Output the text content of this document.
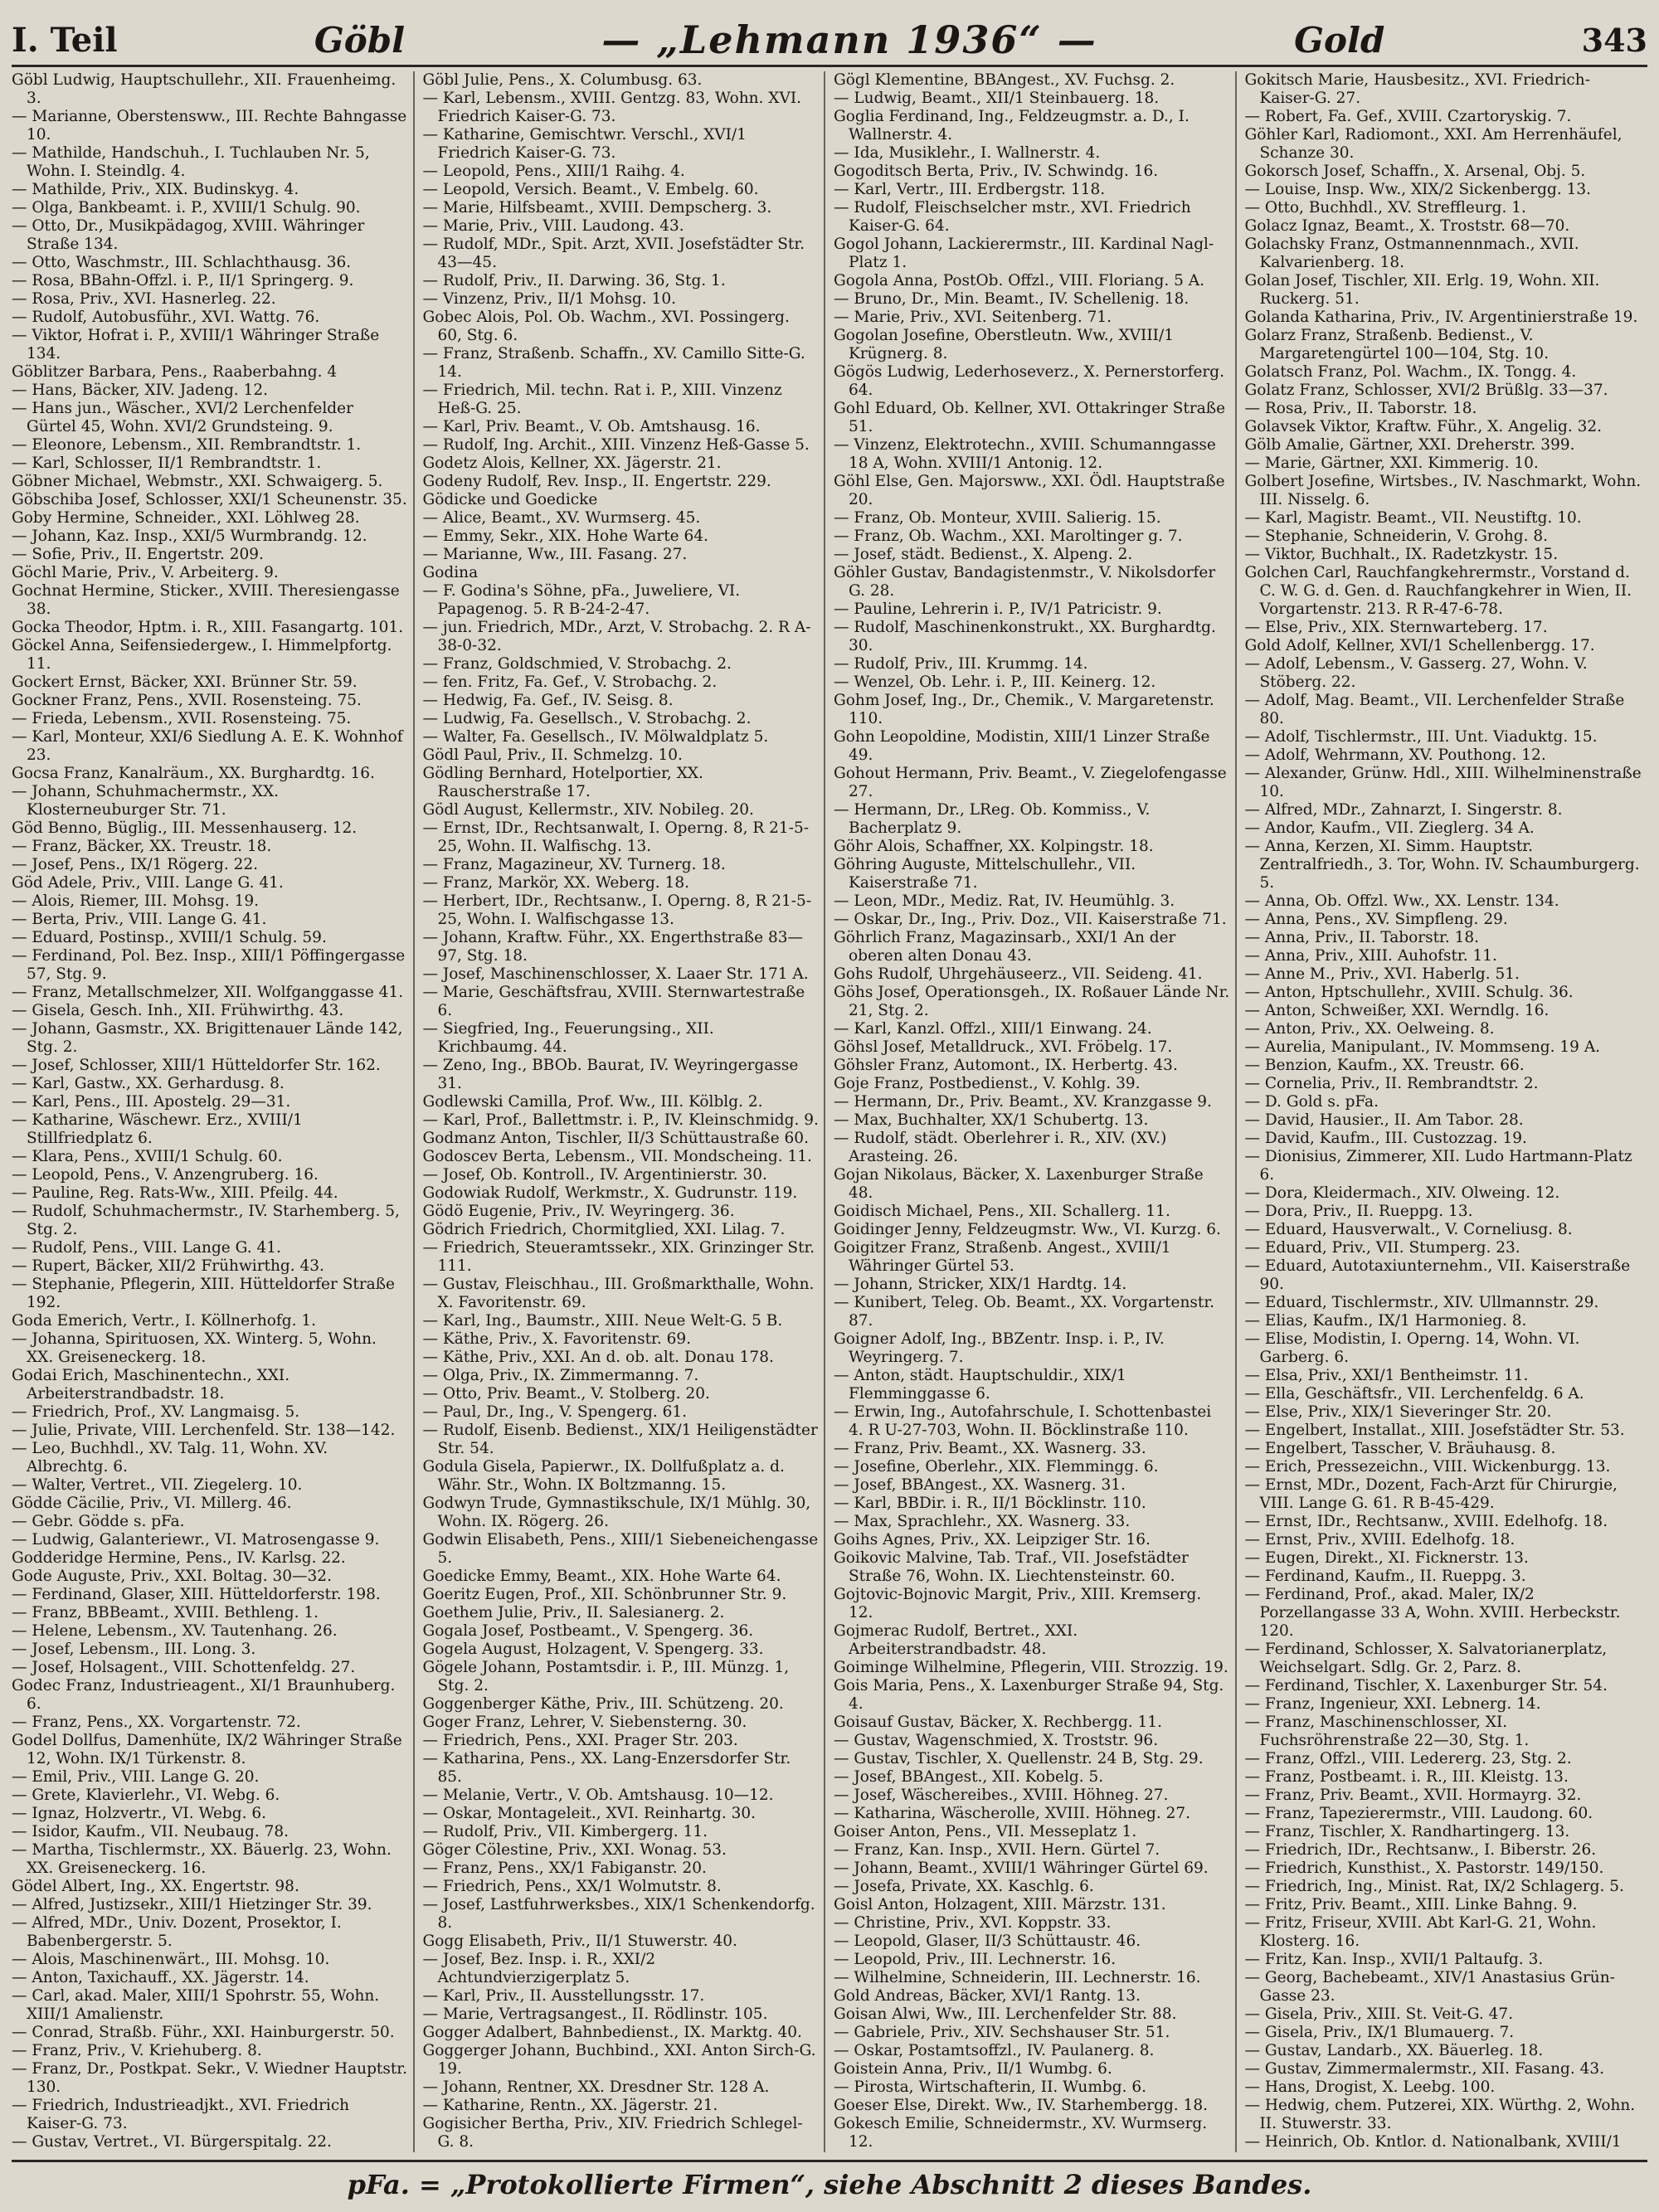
I. Teil	Göbl	— „Lehmann 1936“ —	Gold	343

Göbl Ludwig, Hauptschullehr., XII. Frauenheimg. 3.

— Marianne, Oberstensww., III. Rechte Bahngasse 10.

— Mathilde, Handschuh., I. Tuchlauben Nr. 5, Wohn. I. Steindlg. 4.

— Mathilde, Priv., XIX. Budinskyg. 4.

— Olga, Bankbeamt. i. P., XVIII/1 Schulg. 90.

— Otto, Dr., Musikpädagog, XVIII. Währinger Straße 134.

— Otto, Waschmstr., III. Schlachthausg. 36.

— Rosa, BBahn-Offzl. i. P., II/1 Springerg. 9.

— Rosa, Priv., XVI. Hasnerleg. 22.

— Rudolf, Autobusführ., XVI. Wattg. 76.

— Viktor, Hofrat i. P., XVIII/1 Währinger Straße 134.

Göblitzer Barbara, Pens., Raaberbahng. 4

— Hans, Bäcker, XIV. Jadeng. 12.

— Hans jun., Wäscher., XVI/2 Lerchenfelder Gürtel 45, Wohn. XVI/2 Grundsteing. 9.

— Eleonore, Lebensm., XII. Rembrandtstr. 1.

— Karl, Schlosser, II/1 Rembrandtstr. 1.

Göbner Michael, Webmstr., XXI. Schwaigerg. 5.

Göbschiba Josef, Schlosser, XXI/1 Scheunenstr. 35.

Goby Hermine, Schneider., XXI. Löhlweg 28.

— Johann, Kaz. Insp., XXI/5 Wurmbrandg. 12.

— Sofie, Priv., II. Engertstr. 209.

Göchl Marie, Priv., V. Arbeiterg. 9.

Gochnat Hermine, Sticker., XVIII. Theresiengasse 38.

Gocka Theodor, Hptm. i. R., XIII. Fasangartg. 101.

Göckel Anna, Seifensiedergew., I. Himmelpfortg. 11.

Gockert Ernst, Bäcker, XXI. Brünner Str. 59.

Gockner Franz, Pens., XVII. Rosensteing. 75.

— Frieda, Lebensm., XVII. Rosensteing. 75.

— Karl, Monteur, XXI/6 Siedlung A. E. K. Wohnhof 23.

Gocsa Franz, Kanalräum., XX. Burghardtg. 16.

— Johann, Schuhmachermstr., XX. Klosterneuburger Str. 71.

Göd Benno, Büglig., III. Messenhauserg. 12.

— Franz, Bäcker, XX. Treustr. 18.

— Josef, Pens., IX/1 Rögerg. 22.

Göd Adele, Priv., VIII. Lange G. 41.

— Alois, Riemer, III. Mohsg. 19.

— Berta, Priv., VIII. Lange G. 41.

— Eduard, Postinsp., XVIII/1 Schulg. 59.

— Ferdinand, Pol. Bez. Insp., XIII/1 Pöffingergasse 57, Stg. 9.

— Franz, Metallschmelzer, XII. Wolfganggasse 41.

— Gisela, Gesch. Inh., XII. Frühwirthg. 43.

— Johann, Gasmstr., XX. Brigittenauer Lände 142, Stg. 2.

— Josef, Schlosser, XIII/1 Hütteldorfer Str. 162.

— Karl, Gastw., XX. Gerhardusg. 8.

— Karl, Pens., III. Apostelg. 29—31.

— Katharine, Wäschewr. Erz., XVIII/1 Stillfriedplatz 6.

— Klara, Pens., XVIII/1 Schulg. 60.

— Leopold, Pens., V. Anzengruberg. 16.

— Pauline, Reg. Rats-Ww., XIII. Pfeilg. 44.

— Rudolf, Schuhmachermstr., IV. Starhemberg. 5, Stg. 2.

— Rudolf, Pens., VIII. Lange G. 41.

— Rupert, Bäcker, XII/2 Frühwirthg. 43.

— Stephanie, Pflegerin, XIII. Hütteldorfer Straße 192.

Goda Emerich, Vertr., I. Köllnerhofg. 1.

— Johanna, Spirituosen, XX. Winterg. 5, Wohn. XX. Greiseneckerg. 18.

Godai Erich, Maschinentechn., XXI. Arbeiterstrandbadstr. 18.

— Friedrich, Prof., XV. Langmaisg. 5.

— Julie, Private, VIII. Lerchenfeld. Str. 138—142.

— Leo, Buchhdl., XV. Talg. 11, Wohn. XV. Albrechtg. 6.

— Walter, Vertret., VII. Ziegelerg. 10.

Gödde Cäcilie, Priv., VI. Millerg. 46.

— Gebr. Gödde s. pFa.

— Ludwig, Galanteriewr., VI. Matrosengasse 9.

Godderidge Hermine, Pens., IV. Karlsg. 22.

Gode Auguste, Priv., XXI. Boltag. 30—32.

— Ferdinand, Glaser, XIII. Hütteldorferstr. 198.

— Franz, BBBeamt., XVIII. Bethleng. 1.

— Helene, Lebensm., XV. Tautenhang. 26.

— Josef, Lebensm., III. Long. 3.

— Josef, Holsagent., VIII. Schottenfeldg. 27.

Godec Franz, Industrieagent., XI/1 Braunhuberg. 6.

— Franz, Pens., XX. Vorgartenstr. 72.

Godel Dollfus, Damenhüte, IX/2 Währinger Straße 12, Wohn. IX/1 Türkenstr. 8.

— Emil, Priv., VIII. Lange G. 20.

— Grete, Klavierlehr., VI. Webg. 6.

— Ignaz, Holzvertr., VI. Webg. 6.

— Isidor, Kaufm., VII. Neubaug. 78.

— Martha, Tischlermstr., XX. Bäuerlg. 23, Wohn. XX. Greiseneckerg. 16.

Gödel Albert, Ing., XX. Engertstr. 98.

— Alfred, Justizsekr., XIII/1 Hietzinger Str. 39.

— Alfred, MDr., Univ. Dozent, Prosektor, I. Babenbergerstr. 5.

— Alois, Maschinenwärt., III. Mohsg. 10.

— Anton, Taxichauff., XX. Jägerstr. 14.

— Carl, akad. Maler, XIII/1 Spohrstr. 55, Wohn. XIII/1 Amalienstr.

— Conrad, Straßb. Führ., XXI. Hainburgerstr. 50.

— Franz, Priv., V. Kriehuberg. 8.

— Franz, Dr., Postkpat. Sekr., V. Wiedner Hauptstr. 130.

— Friedrich, Industrieadjkt., XVI. Friedrich Kaiser-G. 73.

— Gustav, Vertret., VI. Bürgerspitalg. 22.

Göbl Julie, Pens., X. Columbusg. 63.

— Karl, Lebensm., XVIII. Gentzg. 83, Wohn. XVI. Friedrich Kaiser-G. 73.

— Katharine, Gemischtwr. Verschl., XVI/1 Friedrich Kaiser-G. 73.

— Leopold, Pens., XIII/1 Raihg. 4.

— Leopold, Versich. Beamt., V. Embelg. 60.

— Marie, Hilfsbeamt., XVIII. Dempscherg. 3.

— Marie, Priv., VIII. Laudong. 43.

— Rudolf, MDr., Spit. Arzt, XVII. Josefstädter Str. 43—45.

— Rudolf, Priv., II. Darwing. 36, Stg. 1.

— Vinzenz, Priv., II/1 Mohsg. 10.

Gobec Alois, Pol. Ob. Wachm., XVI. Possingerg. 60, Stg. 6.

— Franz, Straßenb. Schaffn., XV. Camillo Sitte-G. 14.

— Friedrich, Mil. techn. Rat i. P., XIII. Vinzenz Heß-G. 25.

— Karl, Priv. Beamt., V. Ob. Amtshausg. 16.

— Rudolf, Ing. Archit., XIII. Vinzenz Heß-Gasse 5.

Godetz Alois, Kellner, XX. Jägerstr. 21.

Godeny Rudolf, Rev. Insp., II. Engertstr. 229.

Gödicke und Goedicke

— Alice, Beamt., XV. Wurmserg. 45.

— Emmy, Sekr., XIX. Hohe Warte 64.

— Marianne, Ww., III. Fasang. 27.

Godina

— F. Godina's Söhne, pFa., Juweliere, VI. Papagenog. 5. R B-24-2-47.

— jun. Friedrich, MDr., Arzt, V. Strobachg. 2. R A-38-0-32.

— Franz, Goldschmied, V. Strobachg. 2.

— fen. Fritz, Fa. Gef., V. Strobachg. 2.

— Hedwig, Fa. Gef., IV. Seisg. 8.

— Ludwig, Fa. Gesellsch., V. Strobachg. 2.

— Walter, Fa. Gesellsch., IV. Mölwaldplatz 5.

Gödl Paul, Priv., II. Schmelzg. 10.

Gödling Bernhard, Hotelportier, XX. Rauscherstraße 17.

Gödl August, Kellermstr., XIV. Nobileg. 20.

— Ernst, IDr., Rechtsanwalt, I. Operng. 8, R 21-5-25, Wohn. II. Walfischg. 13.

— Franz, Magazineur, XV. Turnerg. 18.

— Franz, Markör, XX. Weberg. 18.

— Herbert, IDr., Rechtsanw., I. Operng. 8, R 21-5-25, Wohn. I. Walfischgasse 13.

— Johann, Kraftw. Führ., XX. Engerthstraße 83—97, Stg. 18.

— Josef, Maschinenschlosser, X. Laaer Str. 171 A.

— Marie, Geschäftsfrau, XVIII. Sternwartestraße 6.

— Siegfried, Ing., Feuerungsing., XII. Krichbaumg. 44.

— Zeno, Ing., BBOb. Baurat, IV. Weyringergasse 31.

Godlewski Camilla, Prof. Ww., III. Kölblg. 2.

— Karl, Prof., Ballettmstr. i. P., IV. Kleinschmidg. 9.

Godmanz Anton, Tischler, II/3 Schüttaustraße 60.

Godoscev Berta, Lebensm., VII. Mondscheing. 11.

— Josef, Ob. Kontroll., IV. Argentinierstr. 30.

Godowiak Rudolf, Werkmstr., X. Gudrunstr. 119.

Gödö Eugenie, Priv., IV. Weyringerg. 36.

Gödrich Friedrich, Chormitglied, XXI. Lilag. 7.

— Friedrich, Steueramtssekr., XIX. Grinzinger Str. 111.

— Gustav, Fleischhau., III. Großmarkthalle, Wohn. X. Favoritenstr. 69.

— Karl, Ing., Baumstr., XIII. Neue Welt-G. 5 B.

— Käthe, Priv., X. Favoritenstr. 69.

— Käthe, Priv., XXI. An d. ob. alt. Donau 178.

— Olga, Priv., IX. Zimmermanng. 7.

— Otto, Priv. Beamt., V. Stolberg. 20.

— Paul, Dr., Ing., V. Spengerg. 61.

— Rudolf, Eisenb. Bedienst., XIX/1 Heiligenstädter Str. 54.

Godula Gisela, Papierwr., IX. Dollfußplatz a. d. Währ. Str., Wohn. IX Boltzmanng. 15.

Godwyn Trude, Gymnastikschule, IX/1 Mühlg. 30, Wohn. IX. Rögerg. 26.

Godwin Elisabeth, Pens., XIII/1 Siebeneichengasse 5.

Goedicke Emmy, Beamt., XIX. Hohe Warte 64.

Goeritz Eugen, Prof., XII. Schönbrunner Str. 9.

Goethem Julie, Priv., II. Salesianerg. 2.

Gogala Josef, Postbeamt., V. Spengerg. 36.

Gogela August, Holzagent, V. Spengerg. 33.

Gögele Johann, Postamtsdir. i. P., III. Münzg. 1, Stg. 2.

Goggenberger Käthe, Priv., III. Schützeng. 20.

Goger Franz, Lehrer, V. Siebensterng. 30.

— Friedrich, Pens., XXI. Prager Str. 203.

— Katharina, Pens., XX. Lang-Enzersdorfer Str. 85.

— Melanie, Vertr., V. Ob. Amtshausg. 10—12.

— Oskar, Montageleit., XVI. Reinhartg. 30.

— Rudolf, Priv., VII. Kimbergerg. 11.

Göger Cölestine, Priv., XXI. Wonag. 53.

— Franz, Pens., XX/1 Fabiganstr. 20.

— Friedrich, Pens., XX/1 Wolmutstr. 8.

— Josef, Lastfuhrwerksbes., XIX/1 Schenkendorfg. 8.

Gogg Elisabeth, Priv., II/1 Stuwerstr. 40.

— Josef, Bez. Insp. i. R., XXI/2 Achtundvierzigerplatz 5.

— Karl, Priv., II. Ausstellungsstr. 17.

— Marie, Vertragsangest., II. Rödlinstr. 105.

Gogger Adalbert, Bahnbedienst., IX. Marktg. 40.

Goggerger Johann, Buchbind., XXI. Anton Sirch-G. 19.

— Johann, Rentner, XX. Dresdner Str. 128 A.

— Katharine, Rentn., XX. Jägerstr. 21.

Gogisicher Bertha, Priv., XIV. Friedrich Schlegel-G. 8.

Gögl Klementine, BBAngest., XV. Fuchsg. 2.

— Ludwig, Beamt., XII/1 Steinbauerg. 18.

Goglia Ferdinand, Ing., Feldzeugmstr. a. D., I. Wallnerstr. 4.

— Ida, Musiklehr., I. Wallnerstr. 4.

Gogoditsch Berta, Priv., IV. Schwindg. 16.

— Karl, Vertr., III. Erdbergstr. 118.

— Rudolf, Fleischselcher mstr., XVI. Friedrich Kaiser-G. 64.

Gogol Johann, Lackierermstr., III. Kardinal Nagl-Platz 1.

Gogola Anna, PostOb. Offzl., VIII. Floriang. 5 A.

— Bruno, Dr., Min. Beamt., IV. Schellenig. 18.

— Marie, Priv., XVI. Seitenberg. 71.

Gogolan Josefine, Oberstleutn. Ww., XVIII/1 Krügnerg. 8.

Gögös Ludwig, Lederhoseverz., X. Pernerstorferg. 64.

Gohl Eduard, Ob. Kellner, XVI. Ottakringer Straße 51.

— Vinzenz, Elektrotechn., XVIII. Schumanngasse 18 A, Wohn. XVIII/1 Antonig. 12.

Göhl Else, Gen. Majorsww., XXI. Ödl. Hauptstraße 20.

— Franz, Ob. Monteur, XVIII. Salierig. 15.

— Franz, Ob. Wachm., XXI. Maroltinger g. 7.

— Josef, städt. Bedienst., X. Alpeng. 2.

Göhler Gustav, Bandagistenmstr., V. Nikolsdorfer G. 28.

— Pauline, Lehrerin i. P., IV/1 Patricistr. 9.

— Rudolf, Maschinenkonstrukt., XX. Burghardtg. 30.

— Rudolf, Priv., III. Krummg. 14.

— Wenzel, Ob. Lehr. i. P., III. Keinerg. 12.

Gohm Josef, Ing., Dr., Chemik., V. Margaretenstr. 110.

Gohn Leopoldine, Modistin, XIII/1 Linzer Straße 49.

Gohout Hermann, Priv. Beamt., V. Ziegelofengasse 27.

— Hermann, Dr., LReg. Ob. Kommiss., V. Bacherplatz 9.

Göhr Alois, Schaffner, XX. Kolpingstr. 18.

Göhring Auguste, Mittelschullehr., VII. Kaiserstraße 71.

— Leon, MDr., Mediz. Rat, IV. Heumühlg. 3.

— Oskar, Dr., Ing., Priv. Doz., VII. Kaiserstraße 71.

Göhrlich Franz, Magazinsarb., XXI/1 An der oberen alten Donau 43.

Gohs Rudolf, Uhrgehäuseerz., VII. Seideng. 41.

Göhs Josef, Operationsgeh., IX. Roßauer Lände Nr. 21, Stg. 2.

— Karl, Kanzl. Offzl., XIII/1 Einwang. 24.

Göhsl Josef, Metalldruck., XVI. Fröbelg. 17.

Göhsler Franz, Automont., IX. Herbertg. 43.

Goje Franz, Postbedienst., V. Kohlg. 39.

— Hermann, Dr., Priv. Beamt., XV. Kranzgasse 9.

— Max, Buchhalter, XX/1 Schubertg. 13.

— Rudolf, städt. Oberlehrer i. R., XIV. (XV.) Arasteing. 26.

Gojan Nikolaus, Bäcker, X. Laxenburger Straße 48.

Goidisch Michael, Pens., XII. Schallerg. 11.

Goidinger Jenny, Feldzeugmstr. Ww., VI. Kurzg. 6.

Goigitzer Franz, Straßenb. Angest., XVIII/1 Währinger Gürtel 53.

— Johann, Stricker, XIX/1 Hardtg. 14.

— Kunibert, Teleg. Ob. Beamt., XX. Vorgartenstr. 87.

Goigner Adolf, Ing., BBZentr. Insp. i. P., IV. Weyringerg. 7.

— Anton, städt. Hauptschuldir., XIX/1 Flemminggasse 6.

— Erwin, Ing., Autofahrschule, I. Schottenbastei 4. R U-27-703, Wohn. II. Böcklinstraße 110.

— Franz, Priv. Beamt., XX. Wasnerg. 33.

— Josefine, Oberlehr., XIX. Flemmingg. 6.

— Josef, BBAngest., XX. Wasnerg. 31.

— Karl, BBDir. i. R., II/1 Böcklinstr. 110.

— Max, Sprachlehr., XX. Wasnerg. 33.

Goihs Agnes, Priv., XX. Leipziger Str. 16.

Goikovic Malvine, Tab. Traf., VII. Josefstädter Straße 76, Wohn. IX. Liechtensteinstr. 60.

Gojtovic-Bojnovic Margit, Priv., XIII. Kremserg. 12.

Gojmerac Rudolf, Bertret., XXI. Arbeiterstrandbadstr. 48.

Goiminge Wilhelmine, Pflegerin, VIII. Strozzig. 19.

Gois Maria, Pens., X. Laxenburger Straße 94, Stg. 4.

Goisauf Gustav, Bäcker, X. Rechbergg. 11.

— Gustav, Wagenschmied, X. Troststr. 96.

— Gustav, Tischler, X. Quellenstr. 24 B, Stg. 29.

— Josef, BBAngest., XII. Kobelg. 5.

— Josef, Wäschereibes., XVIII. Höhneg. 27.

— Katharina, Wäscherolle, XVIII. Höhneg. 27.

Goiser Anton, Pens., VII. Messeplatz 1.

— Franz, Kan. Insp., XVII. Hern. Gürtel 7.

— Johann, Beamt., XVIII/1 Währinger Gürtel 69.

— Josefa, Private, XX. Kaschlg. 6.

Goisl Anton, Holzagent, XIII. Märzstr. 131.

— Christine, Priv., XVI. Koppstr. 33.

— Leopold, Glaser, II/3 Schüttaustr. 46.

— Leopold, Priv., III. Lechnerstr. 16.

— Wilhelmine, Schneiderin, III. Lechnerstr. 16.

Gold Andreas, Bäcker, XVI/1 Rantg. 13.

Goisan Alwi, Ww., III. Lerchenfelder Str. 88.

— Gabriele, Priv., XIV. Sechshauser Str. 51.

— Oskar, Postamtsoffzl., IV. Paulanerg. 8.

Goistein Anna, Priv., II/1 Wumbg. 6.

— Pirosta, Wirtschafterin, II. Wumbg. 6.

Goeser Else, Direkt. Ww., IV. Starhembergg. 18.

Gokesch Emilie, Schneidermstr., XV. Wurmserg. 12.

Gokitsch Marie, Hausbesitz., XVI. Friedrich-Kaiser-G. 27.

— Robert, Fa. Gef., XVIII. Czartoryskig. 7.

Göhler Karl, Radiomont., XXI. Am Herrenhäufel, Schanze 30.

Gokorsch Josef, Schaffn., X. Arsenal, Obj. 5.

— Louise, Insp. Ww., XIX/2 Sickenbergg. 13.

— Otto, Buchhdl., XV. Streffleurg. 1.

Golacz Ignaz, Beamt., X. Troststr. 68—70.

Golachsky Franz, Ostmannennmach., XVII. Kalvarienberg. 18.

Golan Josef, Tischler, XII. Erlg. 19, Wohn. XII. Ruckerg. 51.

Golanda Katharina, Priv., IV. Argentinierstraße 19.

Golarz Franz, Straßenb. Bedienst., V. Margaretengürtel 100—104, Stg. 10.

Golatsch Franz, Pol. Wachm., IX. Tongg. 4.

Golatz Franz, Schlosser, XVI/2 Brüßlg. 33—37.

— Rosa, Priv., II. Taborstr. 18.

Golavsek Viktor, Kraftw. Führ., X. Angelig. 32.

Gölb Amalie, Gärtner, XXI. Dreherstr. 399.

— Marie, Gärtner, XXI. Kimmerig. 10.

Golbert Josefine, Wirtsbes., IV. Naschmarkt, Wohn. III. Nisselg. 6.

— Karl, Magistr. Beamt., VII. Neustiftg. 10.

— Stephanie, Schneiderin, V. Grohg. 8.

— Viktor, Buchhalt., IX. Radetzkystr. 15.

Golchen Carl, Rauchfangkehrermstr., Vorstand d. C. W. G. d. Gen. d. Rauchfangkehrer in Wien, II. Vorgartenstr. 213. R R-47-6-78.

— Else, Priv., XIX. Sternwarteberg. 17.

Gold Adolf, Kellner, XVI/1 Schellenbergg. 17.

— Adolf, Lebensm., V. Gasserg. 27, Wohn. V. Stöberg. 22.

— Adolf, Mag. Beamt., VII. Lerchenfelder Straße 80.

— Adolf, Tischlermstr., III. Unt. Viaduktg. 15.

— Adolf, Wehrmann, XV. Pouthong. 12.

— Alexander, Grünw. Hdl., XIII. Wilhelminenstraße 10.

— Alfred, MDr., Zahnarzt, I. Singerstr. 8.

— Andor, Kaufm., VII. Zieglerg. 34 A.

— Anna, Kerzen, XI. Simm. Hauptstr. Zentralfriedh., 3. Tor, Wohn. IV. Schaumburgerg. 5.

— Anna, Ob. Offzl. Ww., XX. Lenstr. 134.

— Anna, Pens., XV. Simpfleng. 29.

— Anna, Priv., II. Taborstr. 18.

— Anna, Priv., XIII. Auhofstr. 11.

— Anne M., Priv., XVI. Haberlg. 51.

— Anton, Hptschullehr., XVIII. Schulg. 36.

— Anton, Schweißer, XXI. Werndlg. 16.

— Anton, Priv., XX. Oelweing. 8.

— Aurelia, Manipulant., IV. Mommseng. 19 A.

— Benzion, Kaufm., XX. Treustr. 66.

— Cornelia, Priv., II. Rembrandtstr. 2.

— D. Gold s. pFa.

— David, Hausier., II. Am Tabor. 28.

— David, Kaufm., III. Custozzag. 19.

— Dionisius, Zimmerer, XII. Ludo Hartmann-Platz 6.

— Dora, Kleidermach., XIV. Olweing. 12.

— Dora, Priv., II. Rueppg. 13.

— Eduard, Hausverwalt., V. Corneliusg. 8.

— Eduard, Priv., VII. Stumperg. 23.

— Eduard, Autotaxiunternehm., VII. Kaiserstraße 90.

— Eduard, Tischlermstr., XIV. Ullmannstr. 29.

— Elias, Kaufm., IX/1 Harmonieg. 8.

— Elise, Modistin, I. Operng. 14, Wohn. VI. Garberg. 6.

— Elsa, Priv., XXI/1 Bentheimstr. 11.

— Ella, Geschäftsfr., VII. Lerchenfeldg. 6 A.

— Else, Priv., XIX/1 Sieveringer Str. 20.

— Engelbert, Installat., XIII. Josefstädter Str. 53.

— Engelbert, Tasscher, V. Bräuhausg. 8.

— Erich, Pressezeichn., VIII. Wickenburgg. 13.

— Ernst, MDr., Dozent, Fach-Arzt für Chirurgie, VIII. Lange G. 61. R B-45-429.

— Ernst, IDr., Rechtsanw., XVIII. Edelhofg. 18.

— Ernst, Priv., XVIII. Edelhofg. 18.

— Eugen, Direkt., XI. Ficknerstr. 13.

— Ferdinand, Kaufm., II. Rueppg. 3.

— Ferdinand, Prof., akad. Maler, IX/2 Porzellangasse 33 A, Wohn. XVIII. Herbeckstr. 120.

— Ferdinand, Schlosser, X. Salvatorianerplatz, Weichselgart. Sdlg. Gr. 2, Parz. 8.

— Ferdinand, Tischler, X. Laxenburger Str. 54.

— Franz, Ingenieur, XXI. Lebnerg. 14.

— Franz, Maschinenschlosser, XI. Fuchsröhrenstraße 22—30, Stg. 1.

— Franz, Offzl., VIII. Ledererg. 23, Stg. 2.

— Franz, Postbeamt. i. R., III. Kleistg. 13.

— Franz, Priv. Beamt., XVII. Hormayrg. 32.

— Franz, Tapezierermstr., VIII. Laudong. 60.

— Franz, Tischler, X. Randhartingerg. 13.

— Friedrich, IDr., Rechtsanw., I. Biberstr. 26.

— Friedrich, Kunsthist., X. Pastorstr. 149/150.

— Friedrich, Ing., Minist. Rat, IX/2 Schlagerg. 5.

— Fritz, Priv. Beamt., XIII. Linke Bahng. 9.

— Fritz, Friseur, XVIII. Abt Karl-G. 21, Wohn. Klosterg. 16.

— Fritz, Kan. Insp., XVII/1 Paltaufg. 3.

— Georg, Bachebeamt., XIV/1 Anastasius Grün-Gasse 23.

— Gisela, Priv., XIII. St. Veit-G. 47.

— Gisela, Priv., IX/1 Blumauerg. 7.

— Gustav, Landarb., XX. Bäuerleg. 18.

— Gustav, Zimmermalermstr., XII. Fasang. 43.

— Hans, Drogist, X. Leebg. 100.

— Hedwig, chem. Putzerei, XIX. Würthg. 2, Wohn. II. Stuwerstr. 33.

— Heinrich, Ob. Kntlor. d. Nationalbank, XVIII/1

pFa. = „Protokollierte Firmen“, siehe Abschnitt 2 dieses Bandes.
